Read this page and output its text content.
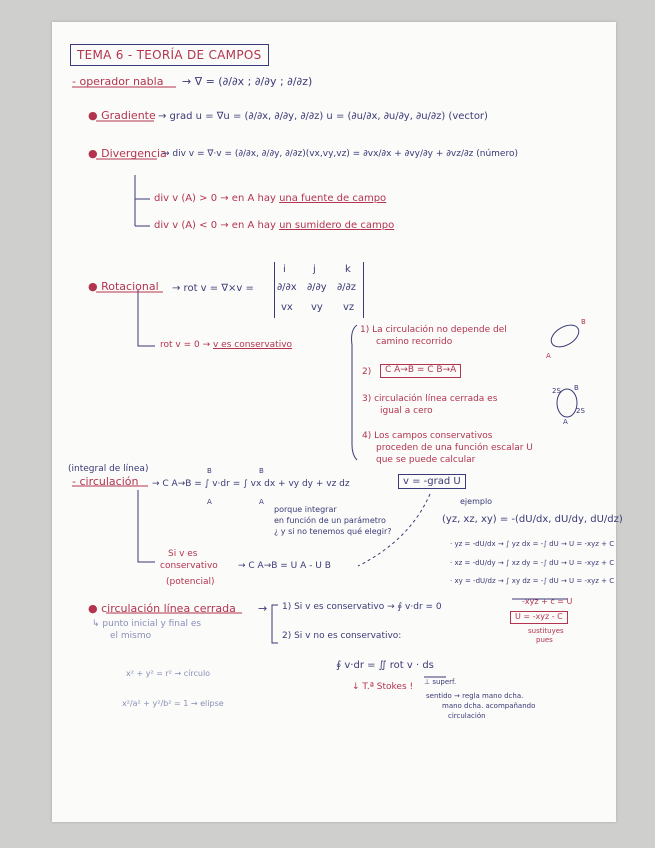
TEMA 6 - TEORÍA DE CAMPOS
- operador nabla → ∇ = (∂/∂x ; ∂/∂y ; ∂/∂z)
● Gradiente → grad u = ∇u = (∂/∂x, ∂/∂y, ∂/∂z) u = (∂u/∂x, ∂u/∂y, ∂u/∂z) (vector)
● Divergencia
→ div v = ∇·v = (∂/∂x, ∂/∂y, ∂/∂z)(vx,vy,vz) = ∂vx/∂x + ∂vy/∂y + ∂vz/∂z (número)
div v (A) > 0 → en A hay una fuente de campo
div v (A) < 0 → en A hay un sumidero de campo
● Rotacional → rot v = ∇×v =
i	j	k
∂/∂x ∂/∂y ∂/∂z
vx vy vz
rot v = 0 → v es conservativo
1) La circulación no depende del
camino recorrido
2)	C A→B = C B→A
3) circulación línea cerrada es
igual a cero
4) Los campos conservativos
proceden de una función escalar U
que se puede calcular
v = -grad U
A
B
A
B
2S
2S
(integral de línea)
- circulación → C A→B = ∫ v·dr = ∫ vx dx + vy dy + vz dz
B
A
B
A
porque integrar
en función de un parámetro
¿ y si no tenemos qué elegir?
Si v es
conservativo → C A→B = U A - U B
(potencial)
ejemplo
(yz, xz, xy) = -(dU/dx, dU/dy, dU/dz)
· yz = -dU/dx → ∫ yz dx = -∫ dU → U = -xyz + C
· xz = -dU/dy → ∫ xz dy = -∫ dU → U = -xyz + C
· xy = -dU/dz → ∫ xy dz = -∫ dU → U = -xyz + C
-xyz + c = U
U = -xyz - C
sustituyes
pues
● circulación línea cerrada → 1) Si v es conservativo → ∮ v·dr = 0
2) Si v no es conservativo:
∮ v·dr = ∬ rot v · ds
⊥ superf.
↓ T.ª Stokes !
sentido → regla mano dcha.
mano dcha. acompañando
circulación
↳ punto inicial y final es
el mismo
x² + y² = r² → círculo
x²/a² + y²/b² = 1 → elipse
